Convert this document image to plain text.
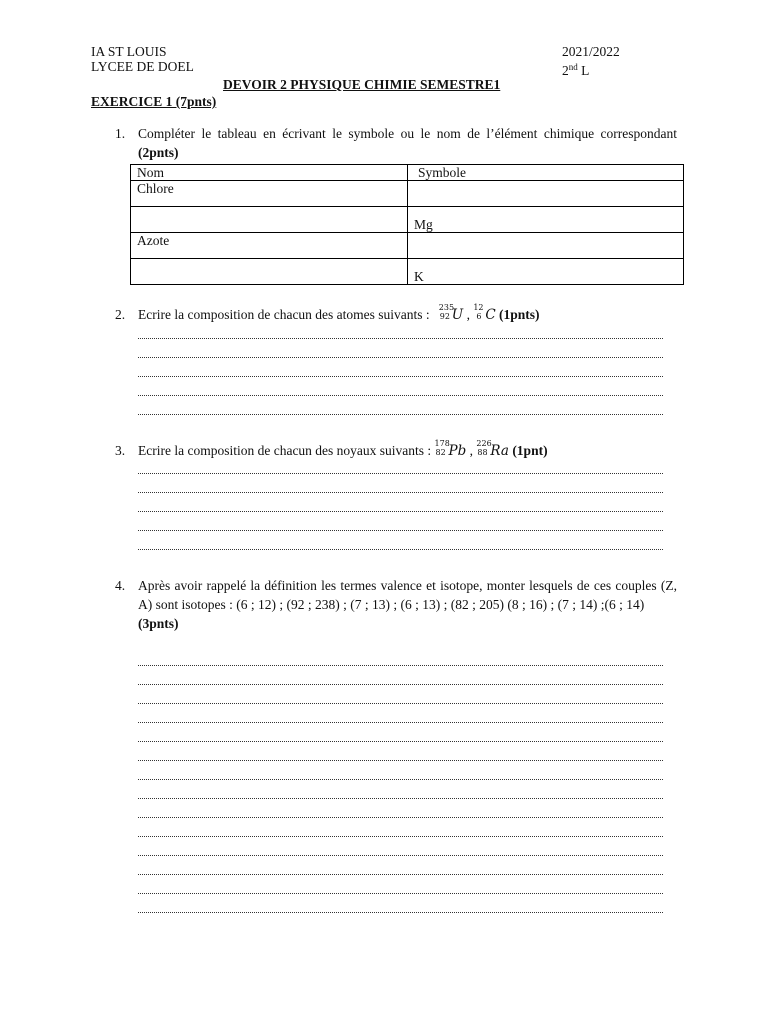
IA ST LOUIS
LYCEE DE DOEL
2021/2022
2nd L
DEVOIR 2 PHYSIQUE CHIMIE SEMESTRE1
EXERCICE 1 (7pnts)
1. Compléter le tableau en écrivant le symbole ou le nom de l’élément chimique correspondant (2pnts)
Nom	Symbole
Chlore	
	Mg
Azote	
	K
2. Ecrire la composition de chacun des atomes suivants : U
235
92 , C
12
6 (1pnts)
3. Ecrire la composition de chacun des noyaux suivants : Pb
178
82 , Ra
226
88 (1pnt)
4. Après avoir rappelé la définition les termes valence et isotope, monter lesquels de ces couples (Z, A) sont isotopes : (6 ; 12) ; (92 ; 238) ; (7 ; 13) ; (6 ; 13) ; (82 ; 205) (8 ; 16) ; (7 ; 14) ;(6 ; 14)
(3pnts)
